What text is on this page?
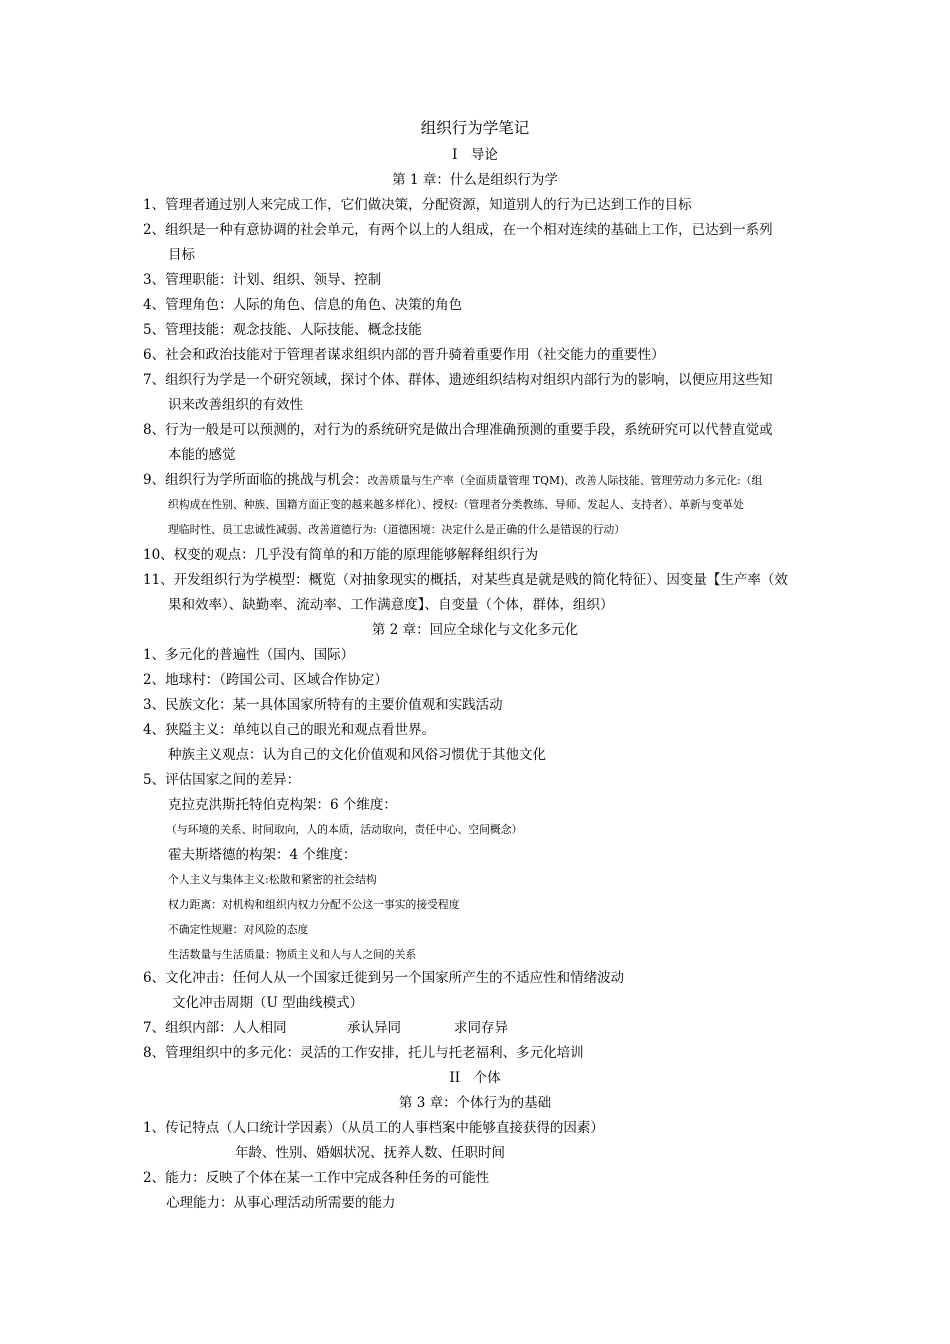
组织行为学笔记
I　导论
第 1 章：什么是组织行为学
1、管理者通过别人来完成工作，它们做决策，分配资源，知道别人的行为已达到工作的目标
2、组织是一种有意协调的社会单元，有两个以上的人组成，在一个相对连续的基础上工作，已达到一系列
目标
3、管理职能：计划、组织、领导、控制
4、管理角色：人际的角色、信息的角色、决策的角色
5、管理技能：观念技能、人际技能、概念技能
6、社会和政治技能对于管理者谋求组织内部的晋升骑着重要作用（社交能力的重要性）
7、组织行为学是一个研究领域，探讨个体、群体、遗迹组织结构对组织内部行为的影响，以便应用这些知
识来改善组织的有效性
8、行为一般是可以预测的，对行为的系统研究是做出合理准确预测的重要手段，系统研究可以代替直觉或
本能的感觉
9、组织行为学所面临的挑战与机会：改善质量与生产率（全面质量管理 TQM)、改善人际技能、管理劳动力多元化:（组
织构成在性别、种族、国籍方面正变的越来越多样化）、授权:（管理者分类教练、导师、发起人、支持者）、革新与变革处
理临时性、员工忠诚性减弱、改善道德行为:（道德困境：决定什么是正确的什么是错误的行动）
10、权变的观点：几乎没有简单的和万能的原理能够解释组织行为
11、开发组织行为学模型：概览（对抽象现实的概括，对某些真是就是贱的简化特征）、因变量【生产率（效
果和效率）、缺勤率、流动率、工作满意度】、自变量（个体，群体，组织）
第 2 章：回应全球化与文化多元化
1、多元化的普遍性（国内、国际）
2、地球村：（跨国公司、区域合作协定）
3、民族文化：某一具体国家所特有的主要价值观和实践活动
4、狭隘主义：单纯以自己的眼光和观点看世界。
种族主义观点：认为自己的文化价值观和风俗习惯优于其他文化
5、评估国家之间的差异：
克拉克洪斯托特伯克构架：6 个维度：
（与环境的关系、时间取向，人的本质，活动取向，责任中心、空间概念）
霍夫斯塔德的构架：4 个维度：
个人主义与集体主义:松散和紧密的社会结构
权力距离：对机构和组织内权力分配不公这一事实的接受程度
不确定性规避：对风险的态度
生活数量与生活质量：物质主义和人与人之间的关系
6、文化冲击：任何人从一个国家迁徙到另一个国家所产生的不适应性和情绪波动
文化冲击周期（U 型曲线模式）
7、组织内部：人人相同	承认异同	求同存异
8、管理组织中的多元化：灵活的工作安排，托儿与托老福利、多元化培训
II　个体
第 3 章：个体行为的基础
1、传记特点（人口统计学因素）（从员工的人事档案中能够直接获得的因素）
年龄、性别、婚姻状况、抚养人数、任职时间
2、能力：反映了个体在某一工作中完成各种任务的可能性
心理能力：从事心理活动所需要的能力
